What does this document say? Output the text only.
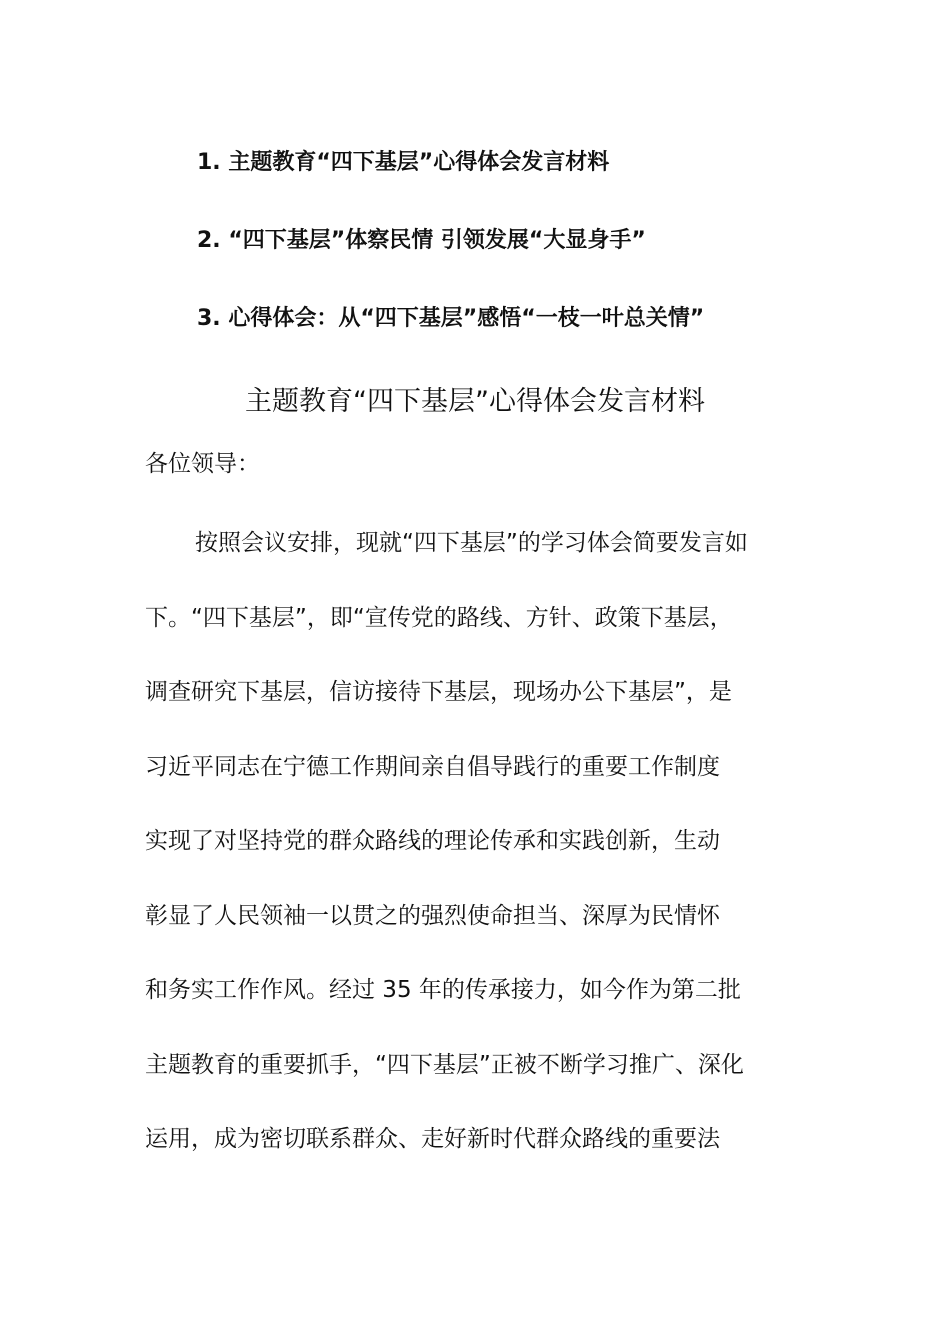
1. 主题教育“四下基层”心得体会发言材料
2. “四下基层”体察民情 引领发展“大显身手”
3. 心得体会：从“四下基层”感悟“一枝一叶总关情”
主题教育“四下基层”心得体会发言材料
各位领导：
按照会议安排，现就“四下基层”的学习体会简要发言如
下。“四下基层”，即“宣传党的路线、方针、政策下基层，
调查研究下基层，信访接待下基层，现场办公下基层”，是
习近平同志在宁德工作期间亲自倡导践行的重要工作制度
实现了对坚持党的群众路线的理论传承和实践创新，生动
彰显了人民领袖一以贯之的强烈使命担当、深厚为民情怀
和务实工作作风。经过 35 年的传承接力，如今作为第二批
主题教育的重要抓手，“四下基层”正被不断学习推广、深化
运用，成为密切联系群众、走好新时代群众路线的重要法
